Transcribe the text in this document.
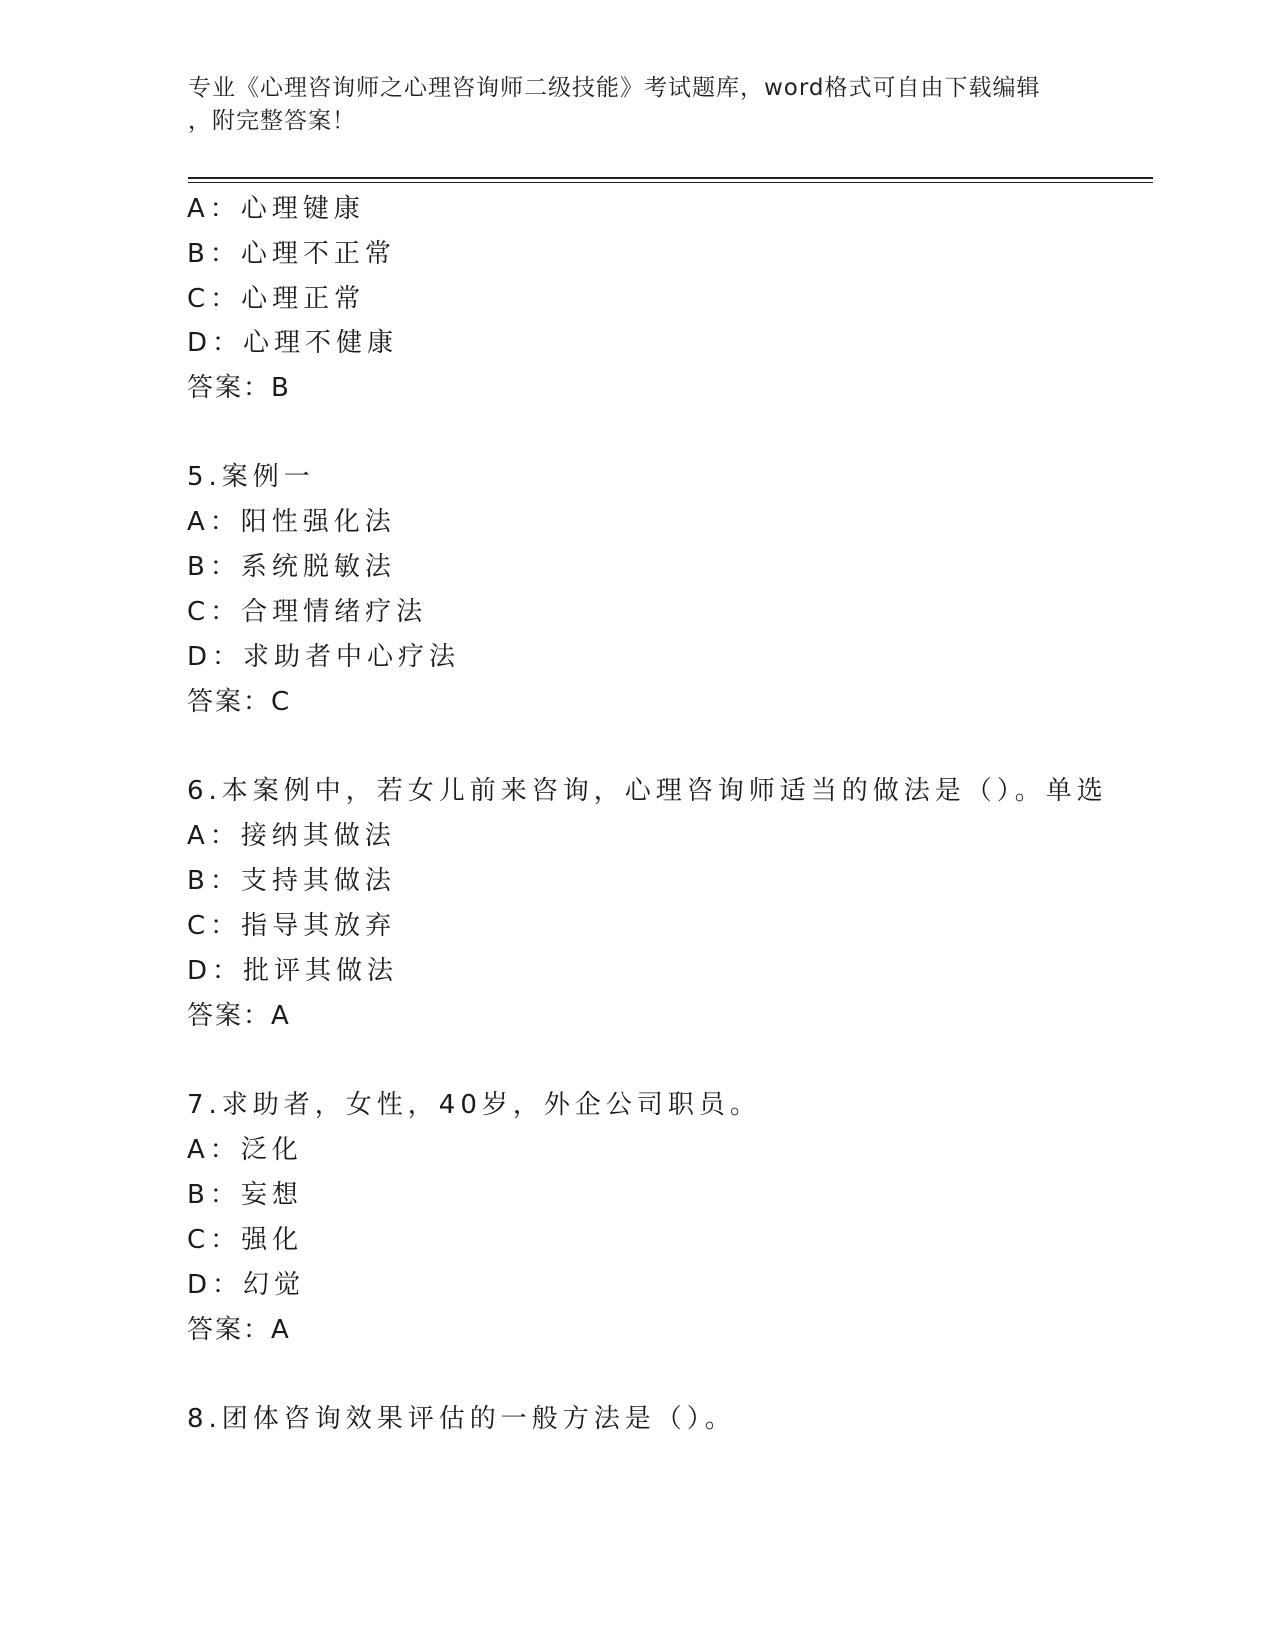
专业《心理咨询师之心理咨询师二级技能》考试题库，word格式可自由下载编辑
，附完整答案！
A：心理键康
B：心理不正常
C：心理正常
D：心理不健康
答案：B
5.案例一
A：阳性强化法
B：系统脱敏法
C：合理情绪疗法
D：求助者中心疗法
答案：C
6.本案例中，若女儿前来咨询，心理咨询师适当的做法是（）。单选
A：接纳其做法
B：支持其做法
C：指导其放弃
D：批评其做法
答案：A
7.求助者，女性，40岁，外企公司职员。
A：泛化
B：妄想
C：强化
D：幻觉
答案：A
8.团体咨询效果评估的一般方法是（）。
